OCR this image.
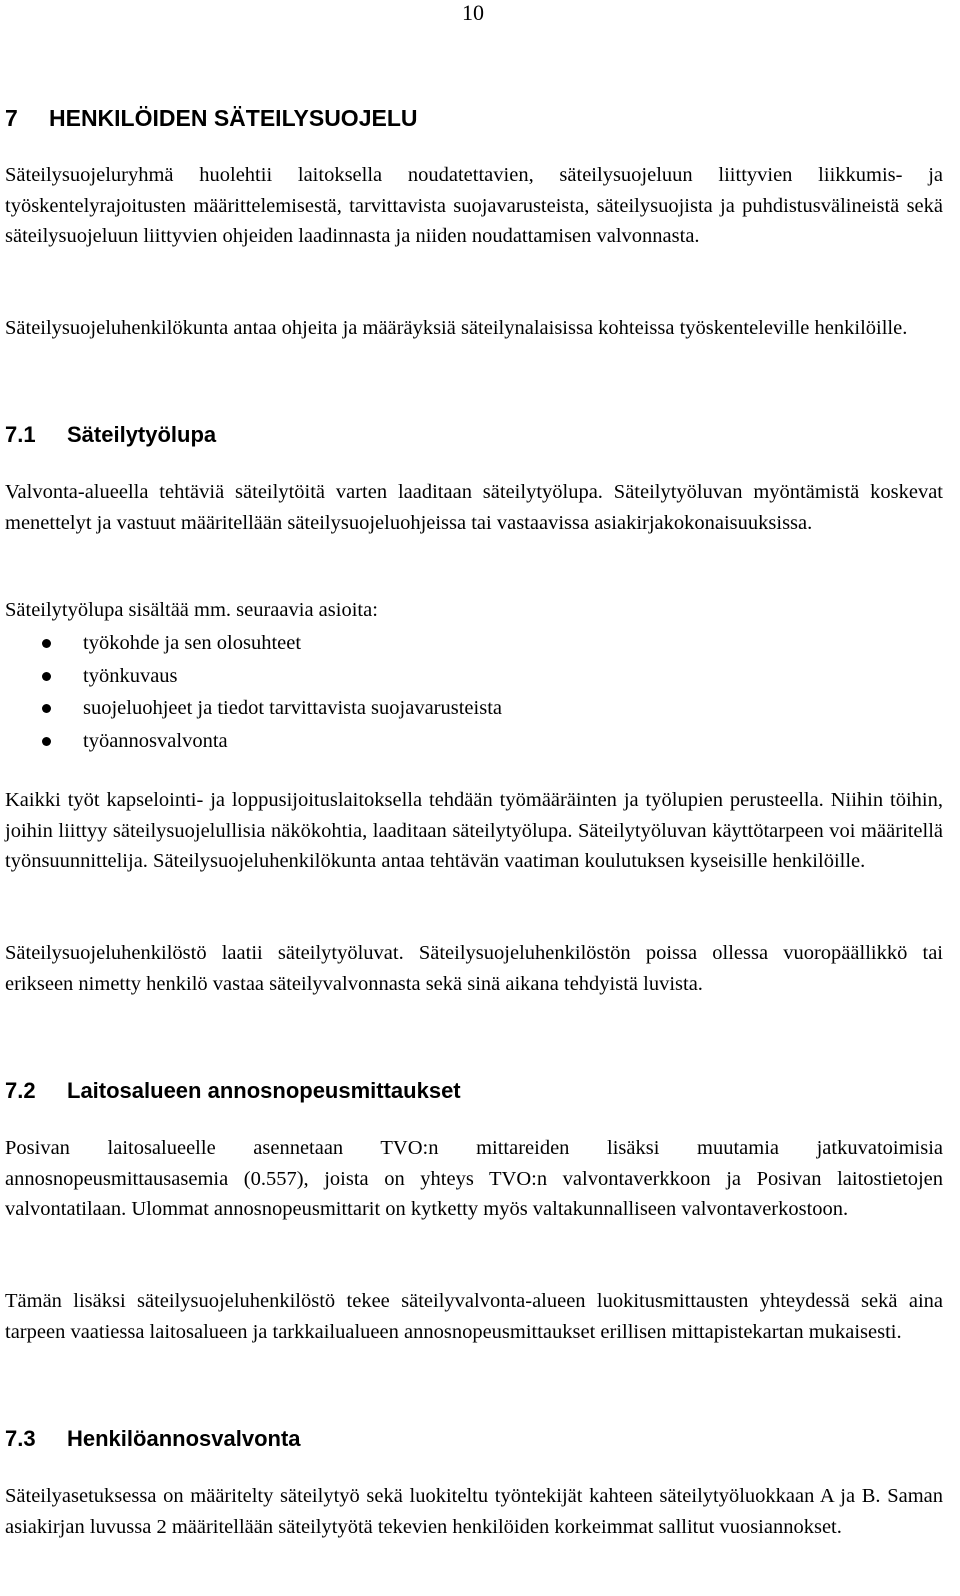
10
7 HENKILÖIDEN SÄTEILYSUOJELU

Säteilysuojeluryhmä huolehtii laitoksella noudatettavien, säteilysuojeluun liittyvien liikkumis- ja työskentelyrajoitusten määrittelemisestä, tarvittavista suojavarusteista, säteilysuojista ja puhdistusvälineistä sekä säteilysuojeluun liittyvien ohjeiden laadinnasta ja niiden noudattamisen valvonnasta.

Säteilysuojeluhenkilökunta antaa ohjeita ja määräyksiä säteilynalaisissa kohteissa työskenteleville henkilöille.

7.1 Säteilytyölupa

Valvonta-alueella tehtäviä säteilytöitä varten laaditaan säteilytyölupa. Säteilytyöluvan myöntämistä koskevat menettelyt ja vastuut määritellään säteilysuojeluohjeissa tai vastaavissa asiakirjakokonaisuuksissa.

Säteilytyölupa sisältää mm. seuraavia asioita:

työkohde ja sen olosuhteet
työnkuvaus
suojeluohjeet ja tiedot tarvittavista suojavarusteista
työannosvalvonta

Kaikki työt kapselointi- ja loppusijoituslaitoksella tehdään työmääräinten ja työlupien perusteella. Niihin töihin, joihin liittyy säteilysuojelullisia näkökohtia, laaditaan säteilytyölupa. Säteilytyöluvan käyttötarpeen voi määritellä työnsuunnittelija. Säteilysuojeluhenkilökunta antaa tehtävän vaatiman koulutuksen kyseisille henkilöille.

Säteilysuojeluhenkilöstö laatii säteilytyöluvat. Säteilysuojeluhenkilöstön poissa ollessa vuoropäällikkö tai erikseen nimetty henkilö vastaa säteilyvalvonnasta sekä sinä aikana tehdyistä luvista.

7.2 Laitosalueen annosnopeusmittaukset

Posivan laitosalueelle asennetaan TVO:n mittareiden lisäksi muutamia jatkuvatoimisia annosnopeusmittausasemia (0.557), joista on yhteys TVO:n valvontaverkkoon ja Posivan laitostietojen valvontatilaan. Ulommat annosnopeusmittarit on kytketty myös valtakunnalliseen valvontaverkostoon.

Tämän lisäksi säteilysuojeluhenkilöstö tekee säteilyvalvonta-alueen luokitusmittausten yhteydessä sekä aina tarpeen vaatiessa laitosalueen ja tarkkailualueen annosnopeusmittaukset erillisen mittapistekartan mukaisesti.

7.3 Henkilöannosvalvonta

Säteilyasetuksessa on määritelty säteilytyö sekä luokiteltu työntekijät kahteen säteilytyöluokkaan A ja B. Saman asiakirjan luvussa 2 määritellään säteilytyötä tekevien henkilöiden korkeimmat sallitut vuosiannokset.
